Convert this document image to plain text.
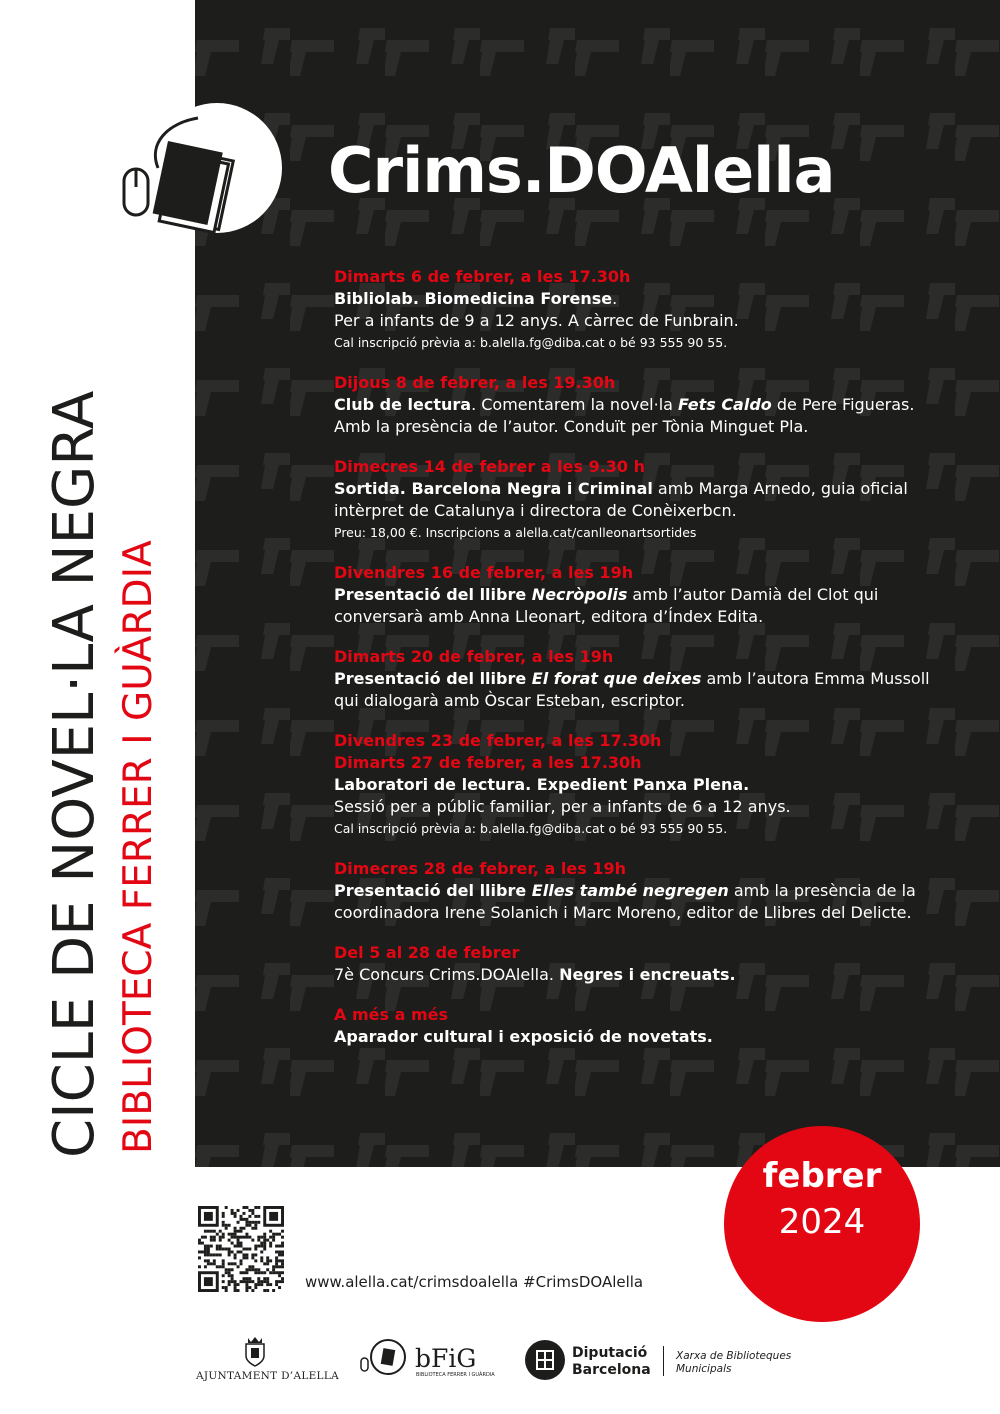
CICLE DE NOVEL·LA NEGRA BIBLIOTECA FERRER I GUÀRDIA
Crims.DOAlella
Dimarts 6 de febrer, a les 17.30h
Bibliolab. Biomedicina Forense.
Per a infants de 9 a 12 anys. A càrrec de Funbrain.
Cal inscripció prèvia a: b.alella.fg@diba.cat o bé 93 555 90 55.
Dijous 8 de febrer, a les 19.30h
Club de lectura. Comentarem la novel·la Fets Caldo de Pere Figueras.
Amb la presència de l’autor. Conduït per Tònia Minguet Pla.
Dimecres 14 de febrer a les 9.30 h
Sortida. Barcelona Negra i Criminal amb Marga Arnedo, guia oficial
intèrpret de Catalunya i directora de Conèixerbcn.
Preu: 18,00 €. Inscripcions a alella.cat/canlleonartsortides
Divendres 16 de febrer, a les 19h
Presentació del llibre Necròpolis amb l’autor Damià del Clot qui
conversarà amb Anna Lleonart, editora d’Índex Edita.
Dimarts 20 de febrer, a les 19h
Presentació del llibre El forat que deixes amb l’autora Emma Mussoll
qui dialogarà amb Òscar Esteban, escriptor.
Divendres 23 de febrer, a les 17.30h
Dimarts 27 de febrer, a les 17.30h
Laboratori de lectura. Expedient Panxa Plena.
Sessió per a públic familiar, per a infants de 6 a 12 anys.
Cal inscripció prèvia a: b.alella.fg@diba.cat o bé 93 555 90 55.
Dimecres 28 de febrer, a les 19h
Presentació del llibre Elles també negregen amb la presència de la
coordinadora Irene Solanich i Marc Moreno, editor de Llibres del Delicte.
Del 5 al 28 de febrer
7è Concurs Crims.DOAlella. Negres i encreuats.
A més a més
Aparador cultural i exposició de novetats.
febrer
2024
www.alella.cat/crimsdoalella #CrimsDOAlella
AJUNTAMENT D’ALELLA
bFiG
BIBLIOTECA FERRER I GUÀRDIA
Diputació
Barcelona
Xarxa de Biblioteques
Municipals
